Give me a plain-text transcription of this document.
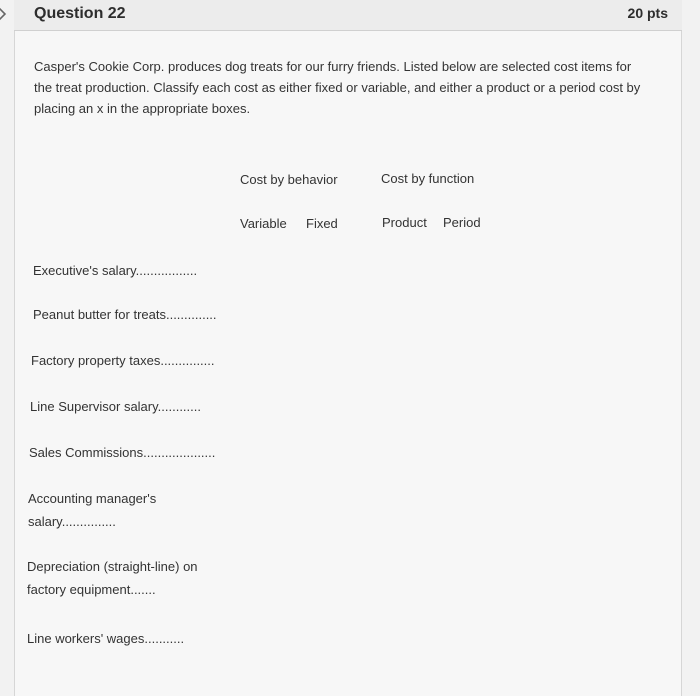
Question 22	20 pts
Casper's Cookie Corp. produces dog treats for our furry friends. Listed below are selected cost items for the treat production. Classify each cost as either fixed or variable, and either a product or a period cost by placing an x in the appropriate boxes.
Cost by behavior	Cost by function
Variable Fixed	Product Period
Executive's salary.................
Peanut butter for treats..............
Factory property taxes...............
Line Supervisor salary............
Sales Commissions....................
Accounting manager's
salary...............
Depreciation (straight-line) on
factory equipment.......
Line workers' wages...........
